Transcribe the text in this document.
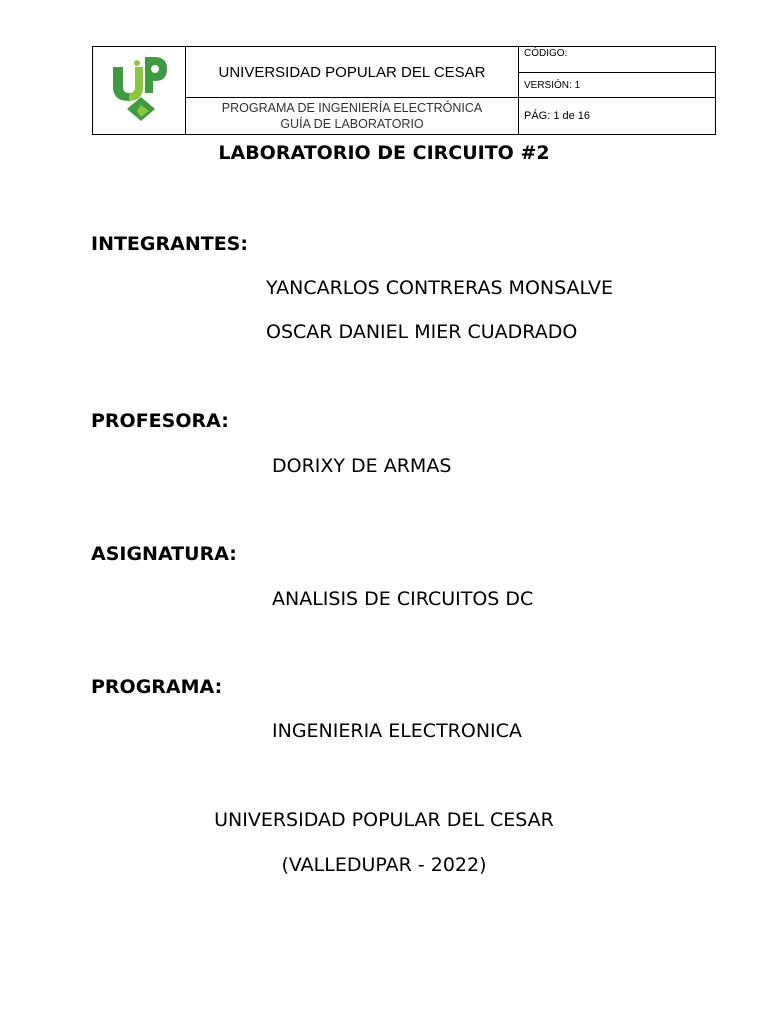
UNIVERSIDAD POPULAR DEL CESAR
PROGRAMA DE INGENIERÍA ELECTRÓNICA
GUÍA DE LABORATORIO
CÓDIGO:
VERSIÓN: 1
PÁG: 1 de 16
LABORATORIO DE CIRCUITO #2
INTEGRANTES:
YANCARLOS CONTRERAS MONSALVE
OSCAR DANIEL MIER CUADRADO
PROFESORA:
DORIXY DE ARMAS
ASIGNATURA:
ANALISIS DE CIRCUITOS DC
PROGRAMA:
INGENIERIA ELECTRONICA
UNIVERSIDAD POPULAR DEL CESAR
(VALLEDUPAR - 2022)
